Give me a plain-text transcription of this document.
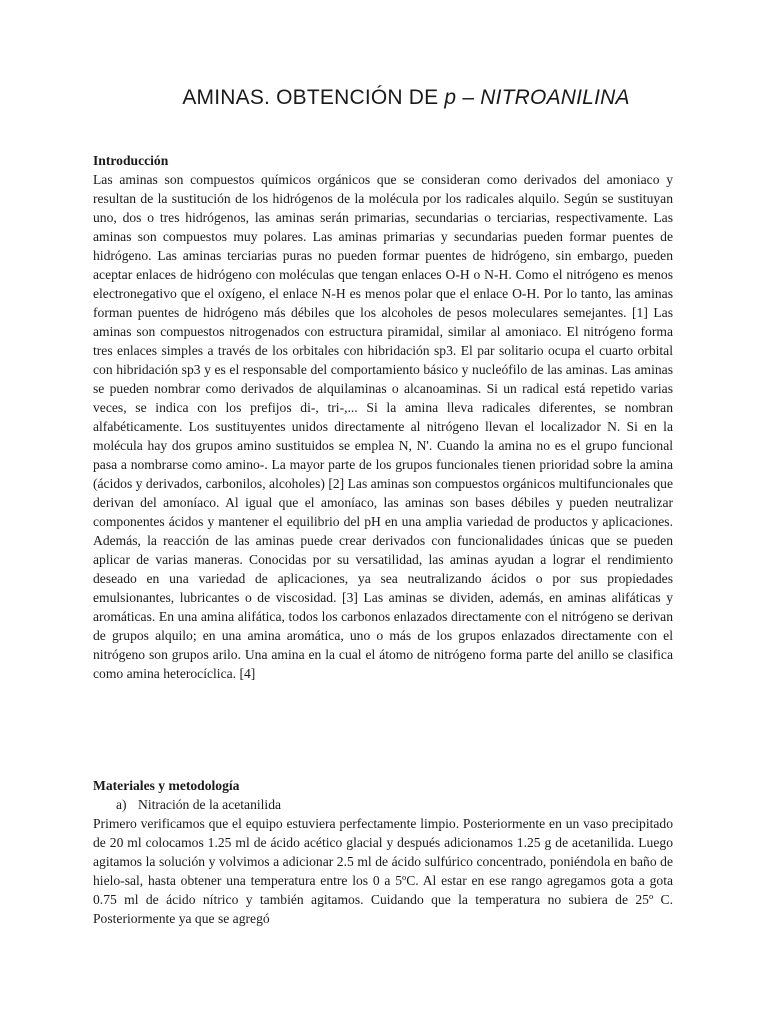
AMINAS. OBTENCIÓN DE p – NITROANILINA
Introducción

Las aminas son compuestos químicos orgánicos que se consideran como derivados del amoniaco y resultan de la sustitución de los hidrógenos de la molécula por los radicales alquilo. Según se sustituyan uno, dos o tres hidrógenos, las aminas serán primarias, secundarias o terciarias, respectivamente. Las aminas son compuestos muy polares. Las aminas primarias y secundarias pueden formar puentes de hidrógeno. Las aminas terciarias puras no pueden formar puentes de hidrógeno, sin embargo, pueden aceptar enlaces de hidrógeno con moléculas que tengan enlaces O-H o N-H. Como el nitrógeno es menos electronegativo que el oxígeno, el enlace N-H es menos polar que el enlace O-H. Por lo tanto, las aminas forman puentes de hidrógeno más débiles que los alcoholes de pesos moleculares semejantes. [1] Las aminas son compuestos nitrogenados con estructura piramidal, similar al amoniaco. El nitrógeno forma tres enlaces simples a través de los orbitales con hibridación sp3. El par solitario ocupa el cuarto orbital con hibridación sp3 y es el responsable del comportamiento básico y nucleófilo de las aminas. Las aminas se pueden nombrar como derivados de alquilaminas o alcanoaminas. Si un radical está repetido varias veces, se indica con los prefijos di-, tri-,... Si la amina lleva radicales diferentes, se nombran alfabéticamente. Los sustituyentes unidos directamente al nitrógeno llevan el localizador N. Si en la molécula hay dos grupos amino sustituidos se emplea N, N'. Cuando la amina no es el grupo funcional pasa a nombrarse como amino-. La mayor parte de los grupos funcionales tienen prioridad sobre la amina (ácidos y derivados, carbonilos, alcoholes) [2] Las aminas son compuestos orgánicos multifuncionales que derivan del amoníaco. Al igual que el amoníaco, las aminas son bases débiles y pueden neutralizar componentes ácidos y mantener el equilibrio del pH en una amplia variedad de productos y aplicaciones. Además, la reacción de las aminas puede crear derivados con funcionalidades únicas que se pueden aplicar de varias maneras. Conocidas por su versatilidad, las aminas ayudan a lograr el rendimiento deseado en una variedad de aplicaciones, ya sea neutralizando ácidos o por sus propiedades emulsionantes, lubricantes o de viscosidad. [3] Las aminas se dividen, además, en aminas alifáticas y aromáticas. En una amina alifática, todos los carbonos enlazados directamente con el nitrógeno se derivan de grupos alquilo; en una amina aromática, uno o más de los grupos enlazados directamente con el nitrógeno son grupos arilo. Una amina en la cual el átomo de nitrógeno forma parte del anillo se clasifica como amina heterocíclica. [4]

Materiales y metodología
a) Nitración de la acetanilida

Primero verificamos que el equipo estuviera perfectamente limpio. Posteriormente en un vaso precipitado de 20 ml colocamos 1.25 ml de ácido acético glacial y después adicionamos 1.25 g de acetanilida. Luego agitamos la solución y volvimos a adicionar 2.5 ml de ácido sulfúrico concentrado, poniéndola en baño de hielo-sal, hasta obtener una temperatura entre los 0 a 5ºC. Al estar en ese rango agregamos gota a gota 0.75 ml de ácido nítrico y también agitamos. Cuidando que la temperatura no subiera de 25º C. Posteriormente ya que se agregó
